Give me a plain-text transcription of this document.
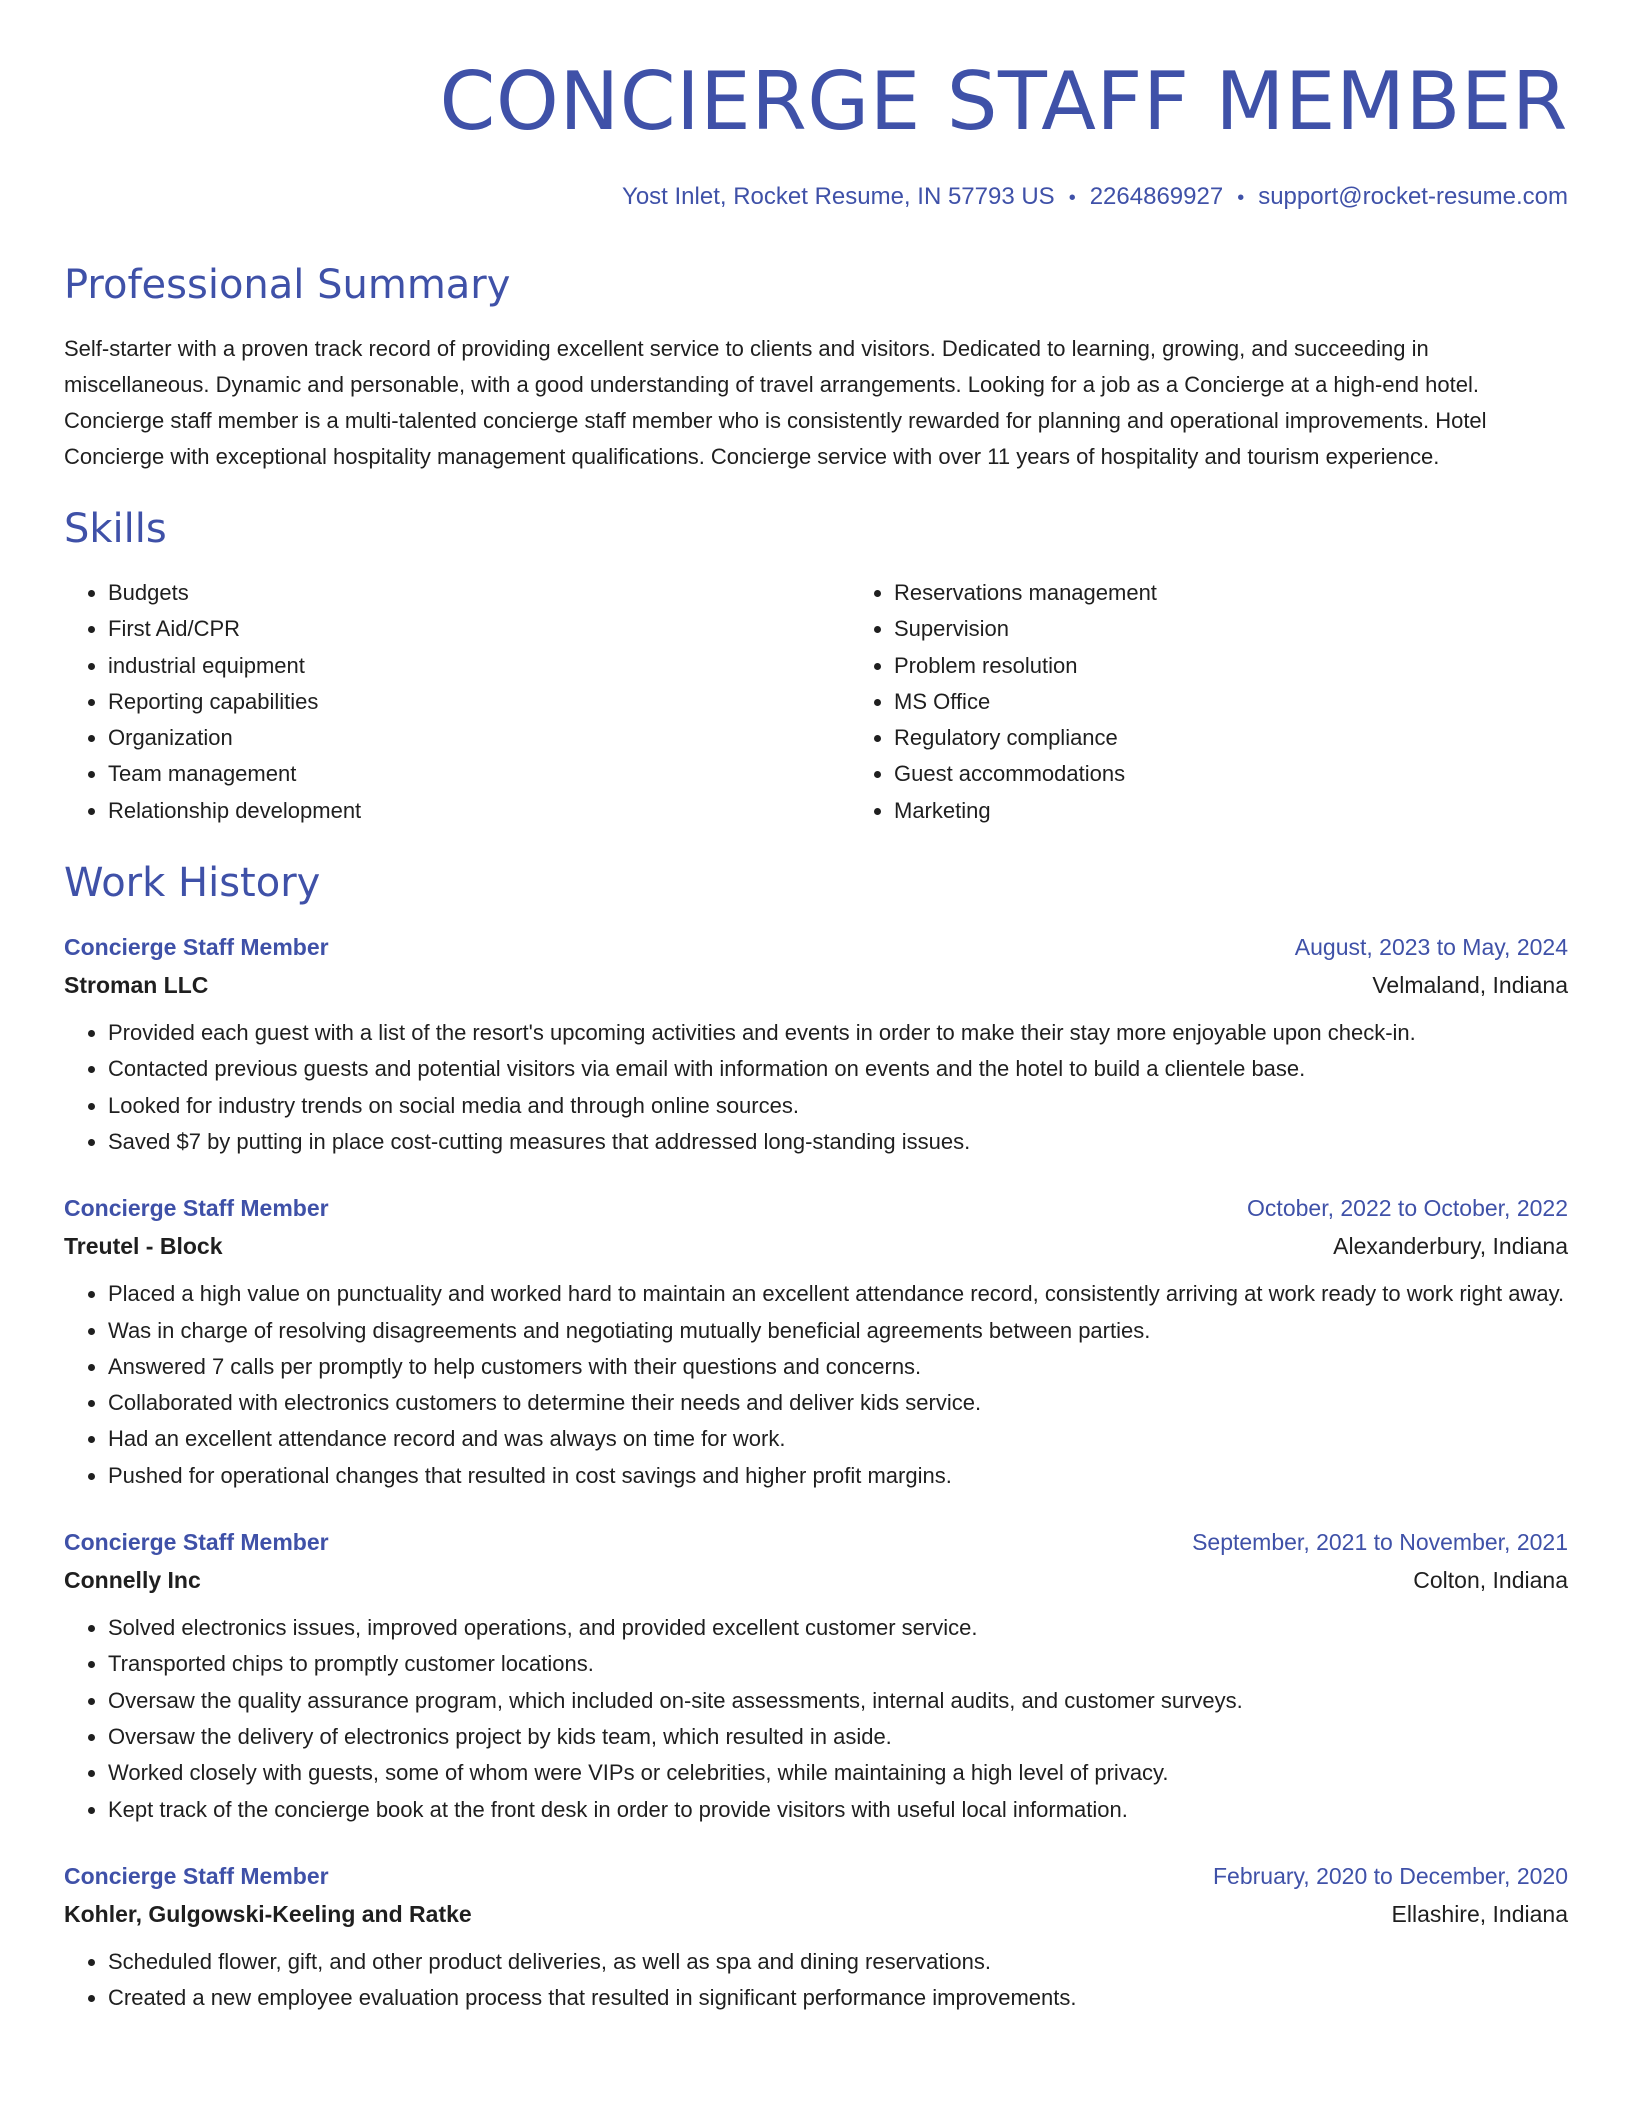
CONCIERGE STAFF MEMBER
Yost Inlet, Rocket Resume, IN 57793 US • 2264869927 • support@rocket-resume.com
Professional Summary

Self-starter with a proven track record of providing excellent service to clients and visitors. Dedicated to learning, growing, and succeeding in miscellaneous. Dynamic and personable, with a good understanding of travel arrangements. Looking for a job as a Concierge at a high-end hotel. Concierge staff member is a multi-talented concierge staff member who is consistently rewarded for planning and operational improvements. Hotel Concierge with exceptional hospitality management qualifications. Concierge service with over 11 years of hospitality and tourism experience.

Skills
• Budgets
• First Aid/CPR
• industrial equipment
• Reporting capabilities
• Organization
• Team management
• Relationship development
• Reservations management
• Supervision
• Problem resolution
• MS Office
• Regulatory compliance
• Guest accommodations
• Marketing
Work History
Concierge Staff Member	August, 2023 to May, 2024
Stroman LLC	Velmaland, Indiana
• Provided each guest with a list of the resort's upcoming activities and events in order to make their stay more enjoyable upon check-in.
• Contacted previous guests and potential visitors via email with information on events and the hotel to build a clientele base.
• Looked for industry trends on social media and through online sources.
• Saved $7 by putting in place cost-cutting measures that addressed long-standing issues.
Concierge Staff Member	October, 2022 to October, 2022
Treutel - Block	Alexanderbury, Indiana
• Placed a high value on punctuality and worked hard to maintain an excellent attendance record, consistently arriving at work ready to work right away.
• Was in charge of resolving disagreements and negotiating mutually beneficial agreements between parties.
• Answered 7 calls per promptly to help customers with their questions and concerns.
• Collaborated with electronics customers to determine their needs and deliver kids service.
• Had an excellent attendance record and was always on time for work.
• Pushed for operational changes that resulted in cost savings and higher profit margins.
Concierge Staff Member	September, 2021 to November, 2021
Connelly Inc	Colton, Indiana
• Solved electronics issues, improved operations, and provided excellent customer service.
• Transported chips to promptly customer locations.
• Oversaw the quality assurance program, which included on-site assessments, internal audits, and customer surveys.
• Oversaw the delivery of electronics project by kids team, which resulted in aside.
• Worked closely with guests, some of whom were VIPs or celebrities, while maintaining a high level of privacy.
• Kept track of the concierge book at the front desk in order to provide visitors with useful local information.
Concierge Staff Member	February, 2020 to December, 2020
Kohler, Gulgowski-Keeling and Ratke	Ellashire, Indiana
• Scheduled flower, gift, and other product deliveries, as well as spa and dining reservations.
• Created a new employee evaluation process that resulted in significant performance improvements.
